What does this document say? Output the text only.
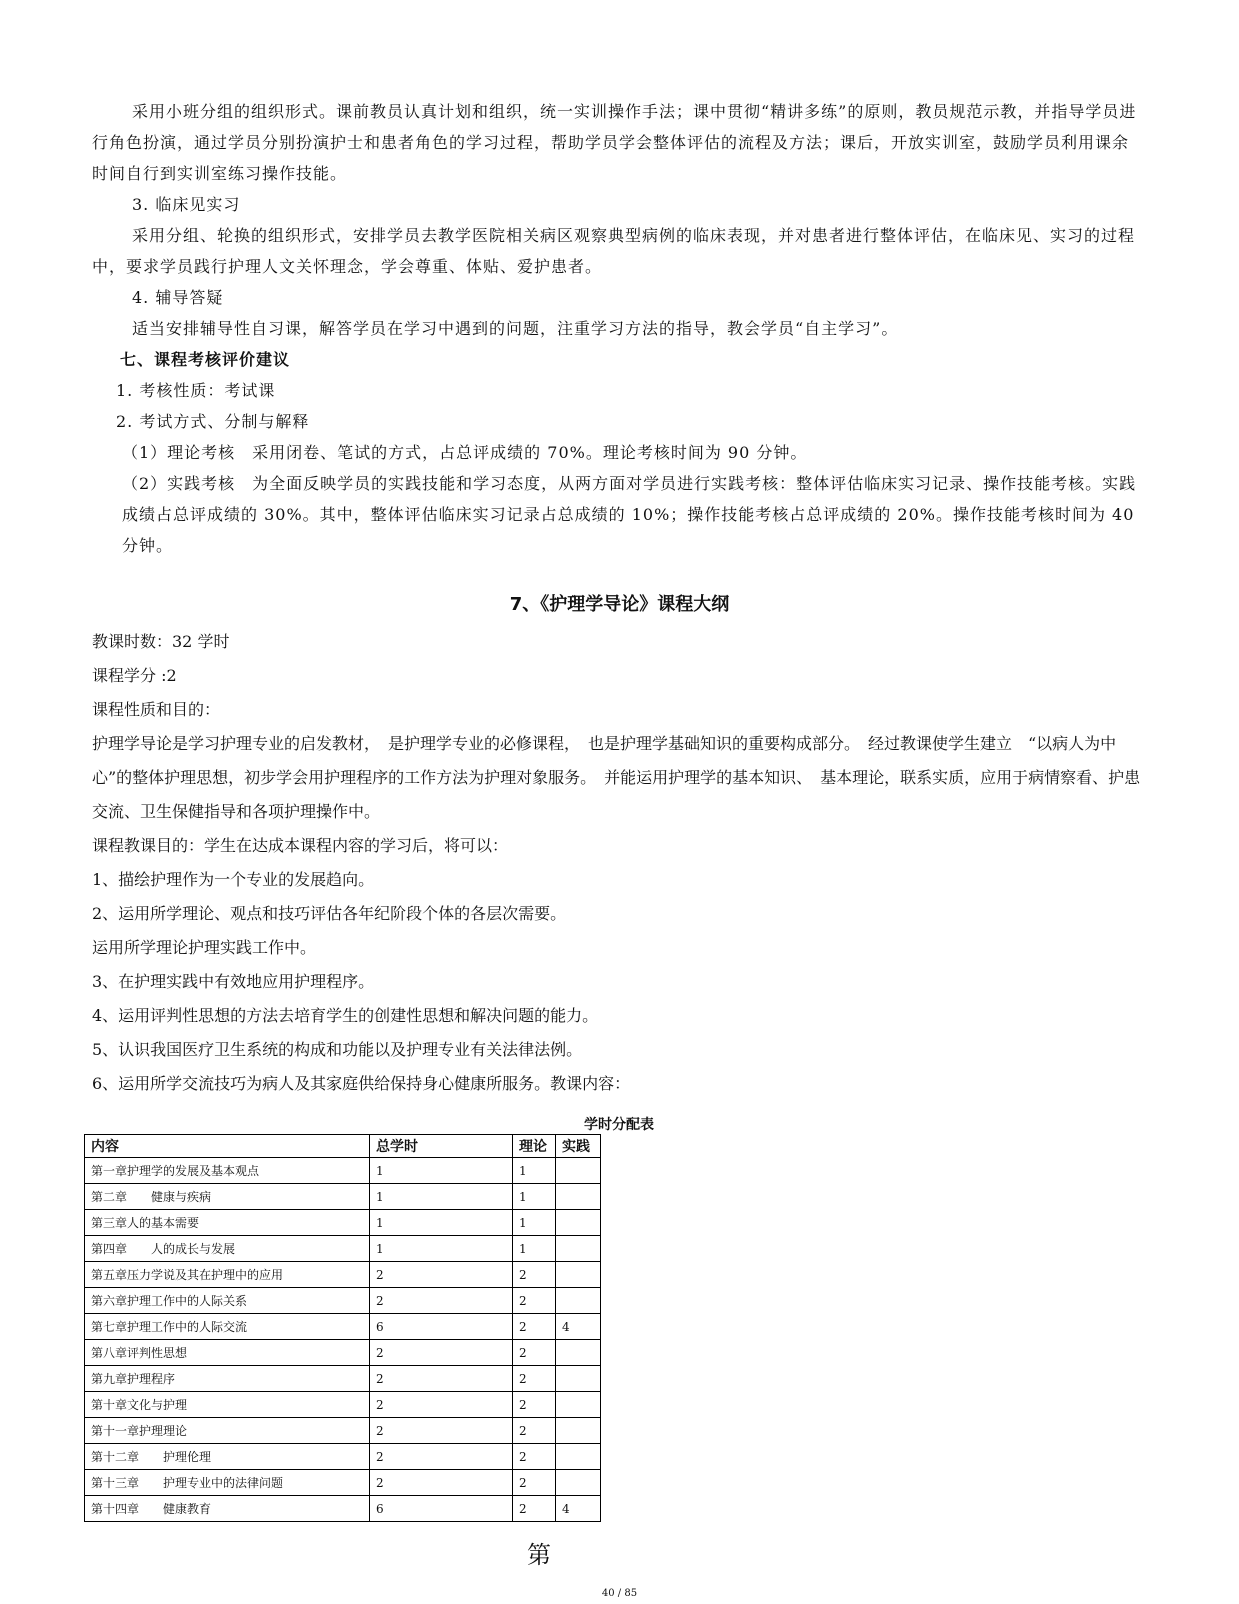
采用小班分组的组织形式。课前教员认真计划和组织，统一实训操作手法；课中贯彻“精讲多练”的原则，教员规范示教，并指导学员进行角色扮演，通过学员分别扮演护士和患者角色的学习过程，帮助学员学会整体评估的流程及方法；课后，开放实训室，鼓励学员利用课余时间自行到实训室练习操作技能。

3. 临床见实习

采用分组、轮换的组织形式，安排学员去教学医院相关病区观察典型病例的临床表现，并对患者进行整体评估，在临床见、实习的过程中，要求学员践行护理人文关怀理念，学会尊重、体贴、爱护患者。

4. 辅导答疑

适当安排辅导性自习课，解答学员在学习中遇到的问题，注重学习方法的指导，教会学员“自主学习”。

七、课程考核评价建议

1. 考核性质：考试课

2. 考试方式、分制与解释

（1）理论考核　采用闭卷、笔试的方式，占总评成绩的 70%。理论考核时间为 90 分钟。

（2）实践考核　为全面反映学员的实践技能和学习态度，从两方面对学员进行实践考核：整体评估临床实习记录、操作技能考核。实践成绩占总评成绩的 30%。其中，整体评估临床实习记录占总成绩的 10%；操作技能考核占总评成绩的 20%。操作技能考核时间为 40 分钟。

7、《护理学导论》课程大纲

教课时数：32 学时

课程学分 :2

课程性质和目的：

护理学导论是学习护理专业的启发教材，　是护理学专业的必修课程，　也是护理学基础知识的重要构成部分。　经过教课使学生建立　“以病人为中心”的整体护理思想，初步学会用护理程序的工作方法为护理对象服务。　并能运用护理学的基本知识、　基本理论，联系实质，应用于病情察看、护患交流、卫生保健指导和各项护理操作中。

课程教课目的：学生在达成本课程内容的学习后，将可以：

1、描绘护理作为一个专业的发展趋向。

2、运用所学理论、观点和技巧评估各年纪阶段个体的各层次需要。

运用所学理论护理实践工作中。

3、在护理实践中有效地应用护理程序。

4、运用评判性思想的方法去培育学生的创建性思想和解决问题的能力。

5、认识我国医疗卫生系统的构成和功能以及护理专业有关法律法例。

6、运用所学交流技巧为病人及其家庭供给保持身心健康所服务。教课内容：

学时分配表
内容	总学时	理论	实践
第一章护理学的发展及基本观点	1	1	
第二章　　健康与疾病	1	1	
第三章人的基本需要	1	1	
第四章　　人的成长与发展	1	1	
第五章压力学说及其在护理中的应用	2	2	
第六章护理工作中的人际关系	2	2	
第七章护理工作中的人际交流	6	2	4
第八章评判性思想	2	2	
第九章护理程序	2	2	
第十章文化与护理	2	2	
第十一章护理理论	2	2	
第十二章　　护理伦理	2	2	
第十三章　　护理专业中的法律问题	2	2	
第十四章　　健康教育	6	2	4
第
40 / 85
